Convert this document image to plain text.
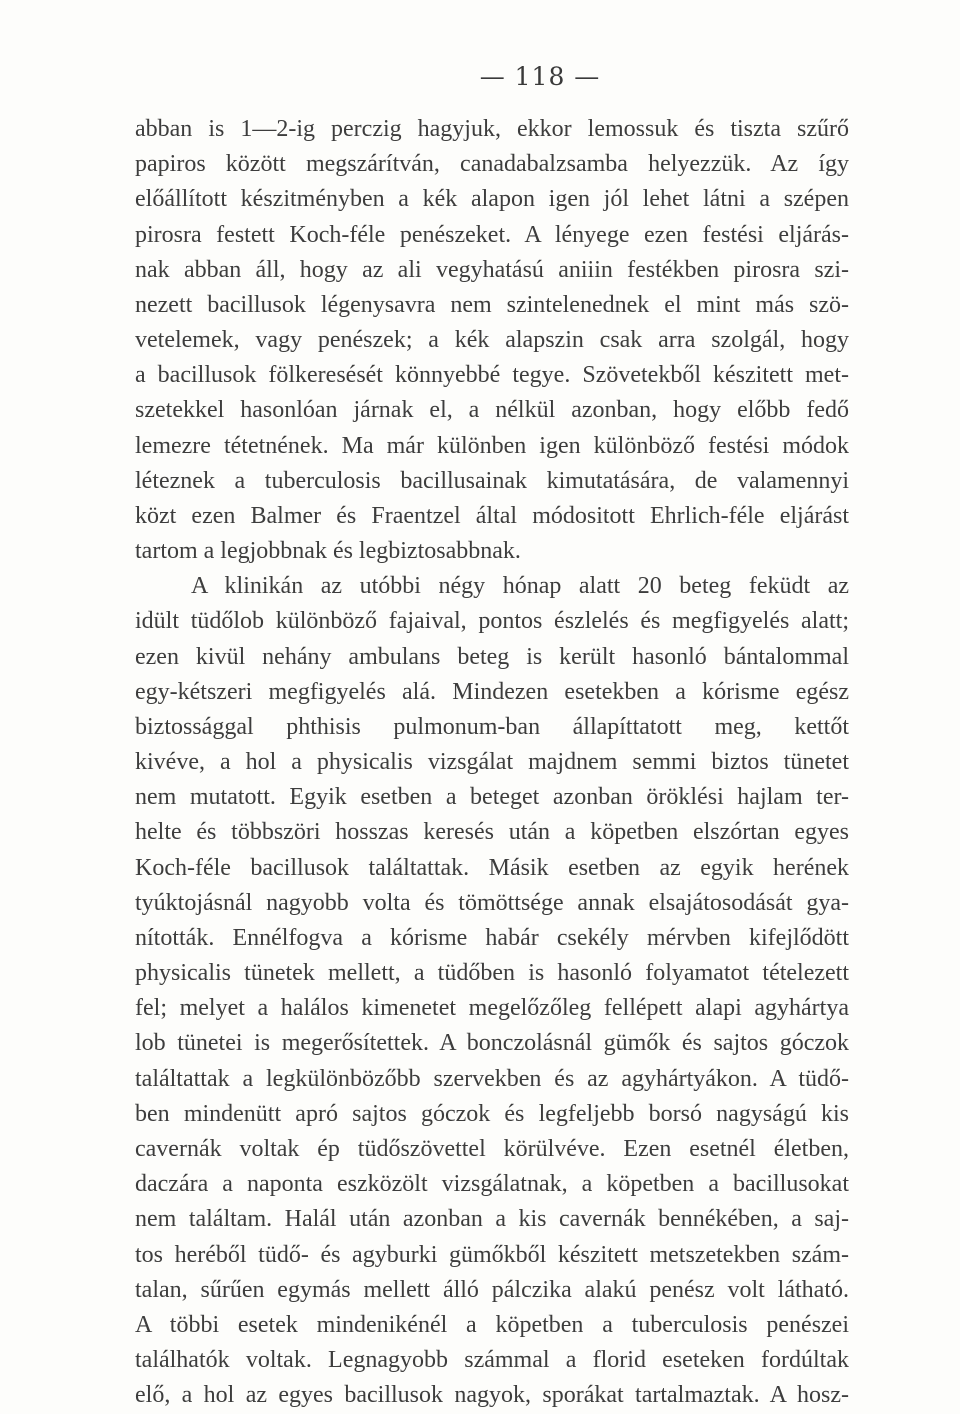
— 118 —
abban is 1—2-ig perczig hagyjuk, ekkor lemossuk és tiszta szűrő
papiros között megszárítván, canadabalzsamba helyezzük. Az így
előállított készitményben a kék alapon igen jól lehet látni a szépen
pirosra festett Koch-féle penészeket. A lényege ezen festési eljárás-
nak abban áll, hogy az ali vegyhatású aniiin festékben pirosra szi-
nezett bacillusok légenysavra nem szintelenednek el mint más szö-
vetelemek, vagy penészek; a kék alapszin csak arra szolgál, hogy
a bacillusok fölkeresését könnyebbé tegye. Szövetekből készitett met-
szetekkel hasonlóan járnak el, a nélkül azonban, hogy előbb fedő
lemezre tétetnének. Ma már különben igen különböző festési módok
léteznek a tuberculosis bacillusainak kimutatására, de valamennyi
közt ezen Balmer és Fraentzel által módositott Ehrlich-féle eljárást
tartom a legjobbnak és legbiztosabbnak.
A klinikán az utóbbi négy hónap alatt 20 beteg feküdt az
idült tüdőlob különböző fajaival, pontos észlelés és megfigyelés alatt;
ezen kivül nehány ambulans beteg is került hasonló bántalommal
egy-kétszeri megfigyelés alá. Mindezen esetekben a kórisme egész
biztossággal phthisis pulmonum-ban állapíttatott meg, kettőt
kivéve, a hol a physicalis vizsgálat majdnem semmi biztos tünetet
nem mutatott. Egyik esetben a beteget azonban öröklési hajlam ter-
helte és többszöri hosszas keresés után a köpetben elszórtan egyes
Koch-féle bacillusok találtattak. Másik esetben az egyik herének
tyúktojásnál nagyobb volta és tömöttsége annak elsajátosodását gya-
nították. Ennélfogva a kórisme habár csekély mérvben kifejlődött
physicalis tünetek mellett, a tüdőben is hasonló folyamatot tételezett
fel; melyet a halálos kimenetet megelőzőleg fellépett alapi agyhártya
lob tünetei is megerősítettek. A bonczolásnál gümők és sajtos góczok
találtattak a legkülönbözőbb szervekben és az agyhártyákon. A tüdő-
ben mindenütt apró sajtos góczok és legfeljebb borsó nagyságú kis
cavernák voltak ép tüdőszövettel körülvéve. Ezen esetnél életben,
daczára a naponta eszközölt vizsgálatnak, a köpetben a bacillusokat
nem találtam. Halál után azonban a kis cavernák bennékében, a saj-
tos heréből tüdő- és agyburki gümőkből készitett metszetekben szám-
talan, sűrűen egymás mellett álló pálczika alakú penész volt látható.
A többi esetek mindenikénél a köpetben a tuberculosis penészei
találhatók voltak. Legnagyobb számmal a florid eseteken fordúltak
elő, a hol az egyes bacillusok nagyok, sporákat tartalmaztak. A hosz-
